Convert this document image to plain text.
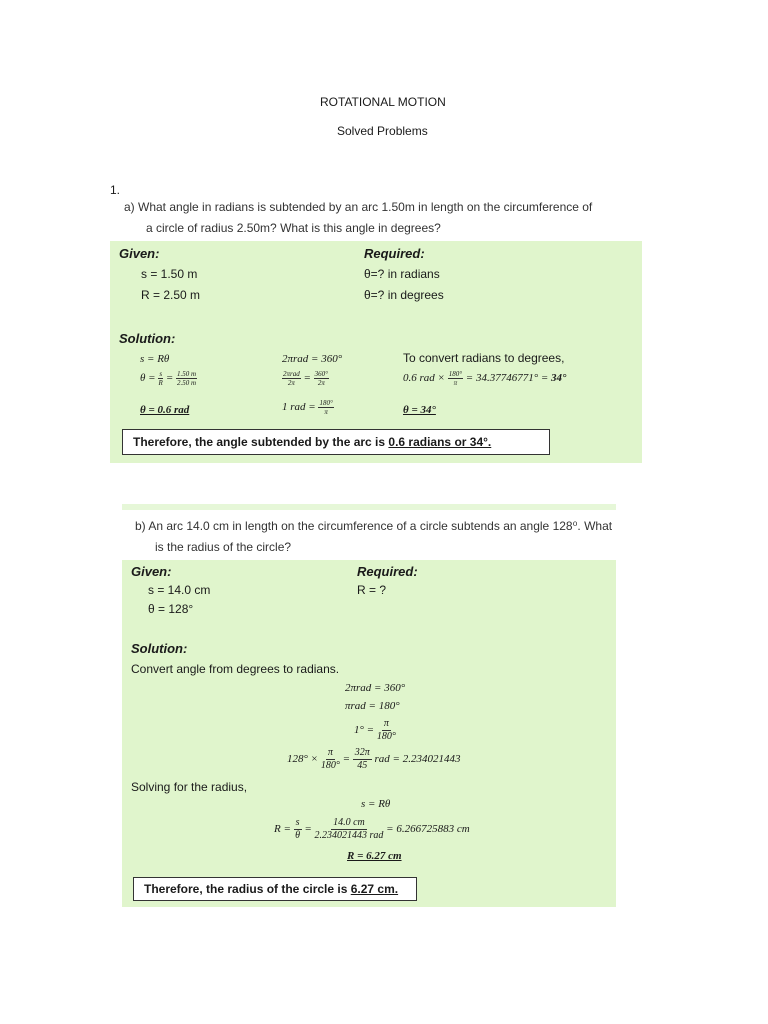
ROTATIONAL MOTION
Solved Problems
1.
a) What angle in radians is subtended by an arc 1.50m in length on the circumference of
a circle of radius 2.50m? What is this angle in degrees?
Given:
s = 1.50 m
R = 2.50 m
Required:
θ=? in radians
θ=? in degrees
Solution:
s = Rθ
$\theta = \frac{s}{R} = \frac{1.50 m}{2.50 m}$
θ = 0.6 rad
2πrad = 360°
2πrad
$2\pi = \frac{360^\circ}{2\pi}$
1 rad = $\frac{180^\circ}{\pi}$
To convert radians to degrees,
0.6 rad × $\frac{180^\circ}{\pi} = 34.37746771^\circ = 34^\circ$
θ = 34°
Therefore, the angle subtended by the arc is 0.6 radians or 34°.
b) An arc 14.0 cm in length on the circumference of a circle subtends an angle 128⁰. What
is the radius of the circle?
Given:
s = 14.0 cm
θ = 128°
Required:
R = ?
Solution:
Convert angle from degrees to radians.
2πrad = 360°
πrad = 180°
$1^\circ = \frac{\pi}{180^\circ}$
$128^\circ \times \frac{\pi}{180^\circ} = \frac{32\pi}{45}$ rad = 2.234021443
Solving for the radius,
s = Rθ
$R = \frac{s}{\theta}$ =
14.0 cm
2.234021443 rad
= 6.266725883 cm
R = 6.27 cm
Therefore, the radius of the circle is 6.27 cm.
